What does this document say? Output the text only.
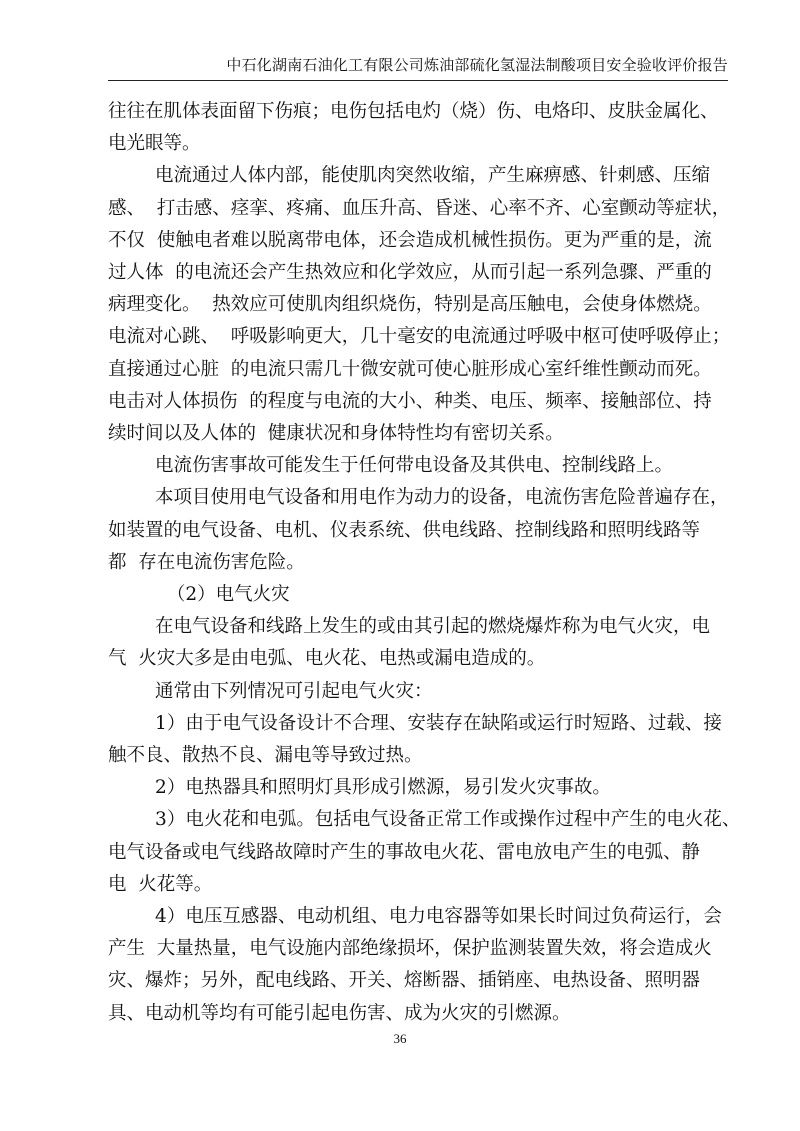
中石化湖南石油化工有限公司炼油部硫化氢湿法制酸项目安全验收评价报告

往往在肌体表面留下伤痕；电伤包括电灼（烧）伤、电烙印、皮肤金属化、

电光眼等。

电流通过人体内部，能使肌肉突然收缩，产生麻痹感、针刺感、压缩

感、  打击感、痉挛、疼痛、血压升高、昏迷、心率不齐、心室颤动等症状，

不仅  使触电者难以脱离带电体，还会造成机械性损伤。更为严重的是，流

过人体  的电流还会产生热效应和化学效应，从而引起一系列急骤、严重的

病理变化。  热效应可使肌肉组织烧伤，特别是高压触电，会使身体燃烧。

电流对心跳、  呼吸影响更大，几十毫安的电流通过呼吸中枢可使呼吸停止；

直接通过心脏  的电流只需几十微安就可使心脏形成心室纤维性颤动而死。

电击对人体损伤  的程度与电流的大小、种类、电压、频率、接触部位、持

续时间以及人体的  健康状况和身体特性均有密切关系。

电流伤害事故可能发生于任何带电设备及其供电、控制线路上。

本项目使用电气设备和用电作为动力的设备，电流伤害危险普遍存在，

如装置的电气设备、电机、仪表系统、供电线路、控制线路和照明线路等

都  存在电流伤害危险。

（2）电气火灾

在电气设备和线路上发生的或由其引起的燃烧爆炸称为电气火灾，电

气  火灾大多是由电弧、电火花、电热或漏电造成的。

通常由下列情况可引起电气火灾：

1）由于电气设备设计不合理、安装存在缺陷或运行时短路、过载、接

触不良、散热不良、漏电等导致过热。

2）电热器具和照明灯具形成引燃源，易引发火灾事故。

3）电火花和电弧。包括电气设备正常工作或操作过程中产生的电火花、

电气设备或电气线路故障时产生的事故电火花、雷电放电产生的电弧、静

电  火花等。

4）电压互感器、电动机组、电力电容器等如果长时间过负荷运行，会

产生  大量热量，电气设施内部绝缘损坏，保护监测装置失效，将会造成火

灾、爆炸；另外，配电线路、开关、熔断器、插销座、电热设备、照明器

具、电动机等均有可能引起电伤害、成为火灾的引燃源。

36
